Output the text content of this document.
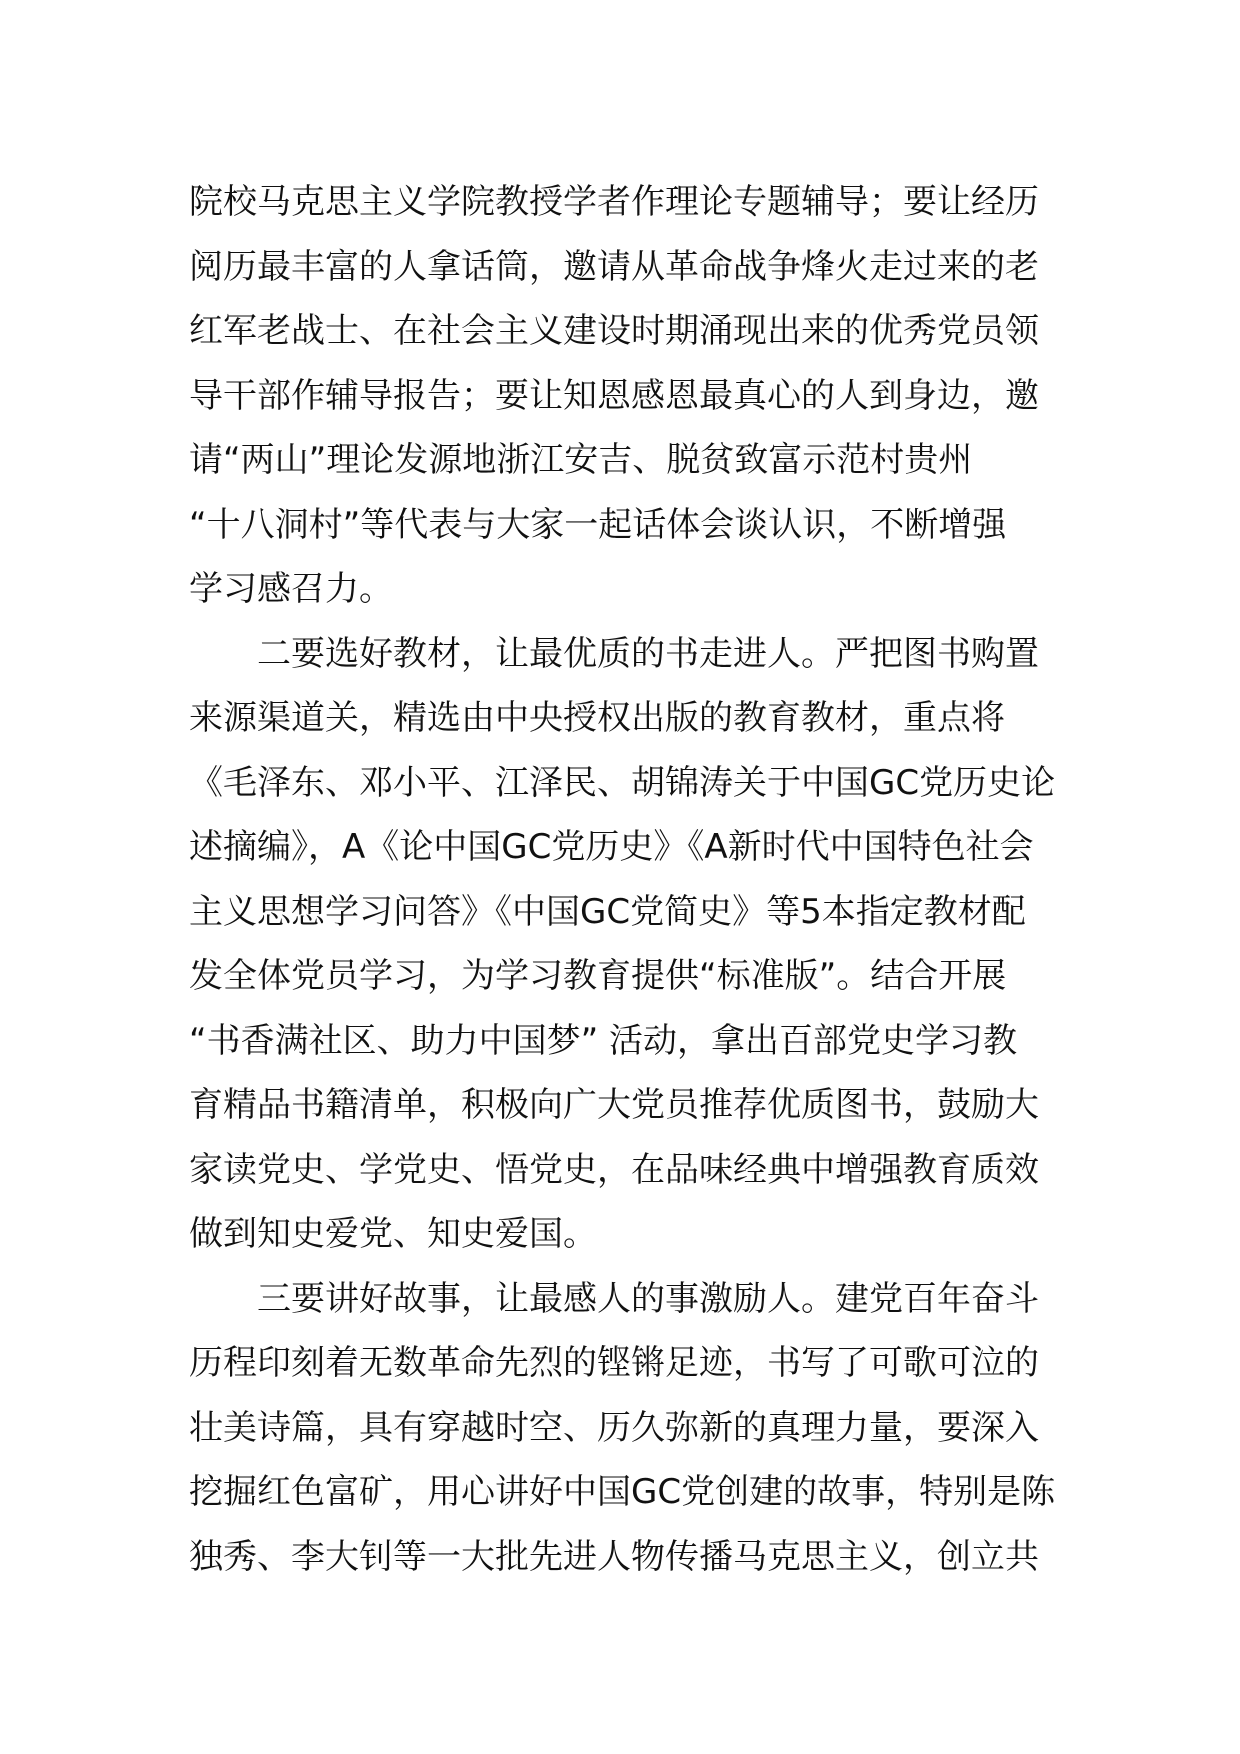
院校马克思主义学院教授学者作理论专题辅导；要让经历
阅历最丰富的人拿话筒，邀请从革命战争烽火走过来的老
红军老战士、在社会主义建设时期涌现出来的优秀党员领
导干部作辅导报告；要让知恩感恩最真心的人到身边，邀
请“两山”理论发源地浙江安吉、脱贫致富示范村贵州
“十八洞村”等代表与大家一起话体会谈认识，不断增强
学习感召力。
二要选好教材，让最优质的书走进人。严把图书购置
来源渠道关，精选由中央授权出版的教育教材，重点将
《毛泽东、邓小平、江泽民、胡锦涛关于中国GC党历史论
述摘编》，A《论中国GC党历史》《A新时代中国特色社会
主义思想学习问答》《中国GC党简史》等5本指定教材配
发全体党员学习，为学习教育提供“标准版”。结合开展
“书香满社区、助力中国梦” 活动，拿出百部党史学习教
育精品书籍清单，积极向广大党员推荐优质图书，鼓励大
家读党史、学党史、悟党史，在品味经典中增强教育质效
做到知史爱党、知史爱国。
三要讲好故事，让最感人的事激励人。建党百年奋斗
历程印刻着无数革命先烈的铿锵足迹，书写了可歌可泣的
壮美诗篇，具有穿越时空、历久弥新的真理力量，要深入
挖掘红色富矿，用心讲好中国GC党创建的故事，特别是陈
独秀、李大钊等一大批先进人物传播马克思主义，创立共
